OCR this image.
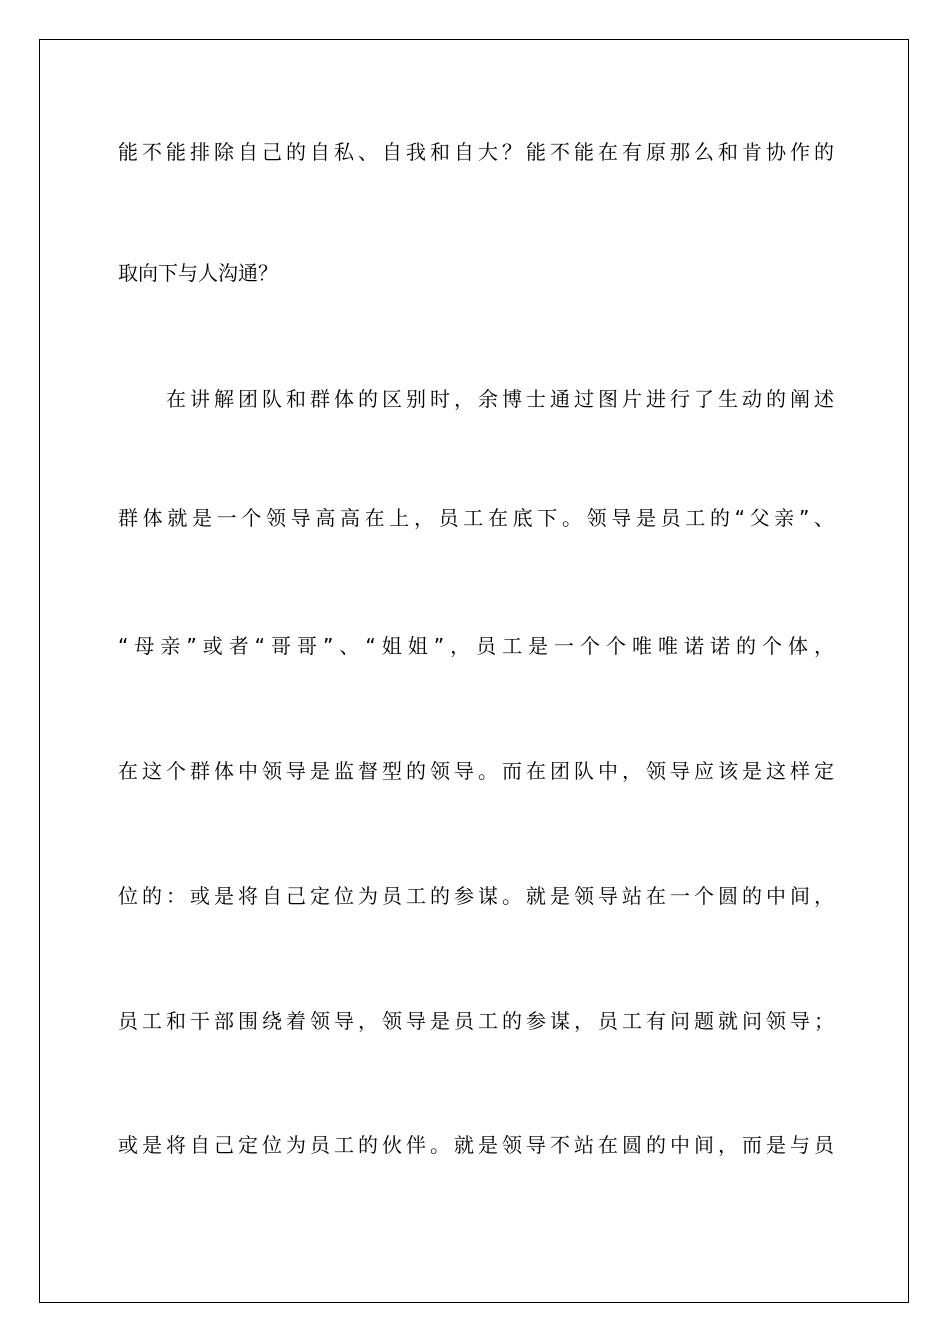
能不能排除自己的自私、自我和自大？能不能在有原那么和肯协作的
取向下与人沟通？
在讲解团队和群体的区别时，余博士通过图片进行了生动的阐述
群体就是一个领导高高在上，员工在底下。领导是员工的“父亲”、
“母亲”或者“哥哥”、“姐姐”，员工是一个个唯唯诺诺的个体，
在这个群体中领导是监督型的领导。而在团队中，领导应该是这样定
位的：或是将自己定位为员工的参谋。就是领导站在一个圆的中间，
员工和干部围绕着领导，领导是员工的参谋，员工有问题就问领导；
或是将自己定位为员工的伙伴。就是领导不站在圆的中间，而是与员
